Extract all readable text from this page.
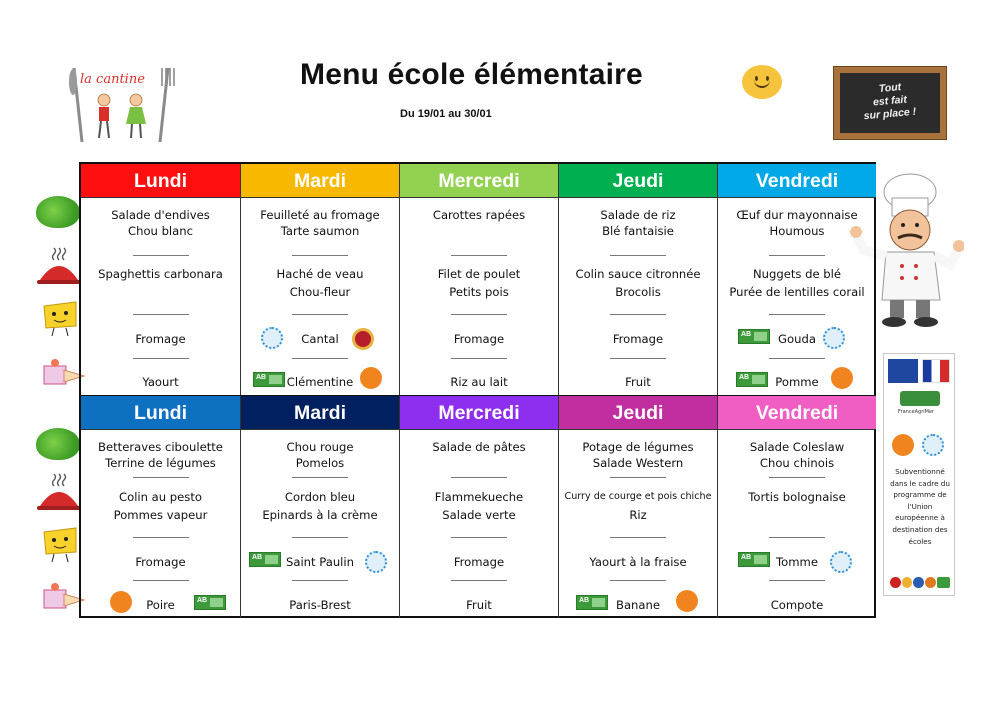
la cantine	Menu école élémentaire
Du 19/01 au 30/01
Tout
est fait
sur place !
Lundi
Salade d'endives
Chou blanc
Spaghettis carbonara
Fromage
Yaourt
Mardi
Feuilleté au fromage
Tarte saumon
Haché de veau
Chou-fleur
Cantal
AB
Clémentine
Mercredi
Carottes rapées
Filet de poulet
Petits pois
Fromage
Riz au lait
Jeudi
Salade de riz
Blé fantaisie
Colin sauce citronnée
Brocolis
Fromage
Fruit
Vendredi
Œuf dur mayonnaise
Houmous
Nuggets de blé
Purée de lentilles corail
AB
Gouda
AB
Pomme
Lundi
Betteraves ciboulette
Terrine de légumes
Colin au pesto
Pommes vapeur
Fromage
Poire
AB
Mardi
Chou rouge
Pomelos
Cordon bleu
Epinards à la crème
AB
Saint Paulin
Paris-Brest
Mercredi
Salade de pâtes
Flammekueche
Salade verte
Fromage
Fruit
Jeudi
Potage de légumes
Salade Western
Curry de courge et pois chiche
Riz
Yaourt à la fraise
AB
Banane
Vendredi
Salade Coleslaw
Chou chinois
Tortis bolognaise
AB
Tomme
Compote
FranceAgriMer
Subventionné dans le cadre du programme de l'Union européenne à destination des écoles
